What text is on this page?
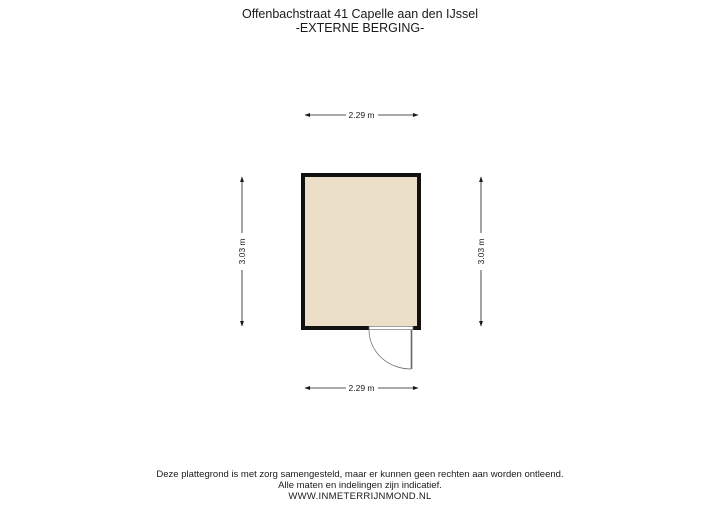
Offenbachstraat 41 Capelle aan den IJssel
-EXTERNE BERGING-
2.29 m
2.29 m
3.03 m	3.03 m
Deze plattegrond is met zorg samengesteld, maar er kunnen geen rechten aan worden ontleend.
Alle maten en indelingen zijn indicatief.
WWW.INMETERRIJNMOND.NL
